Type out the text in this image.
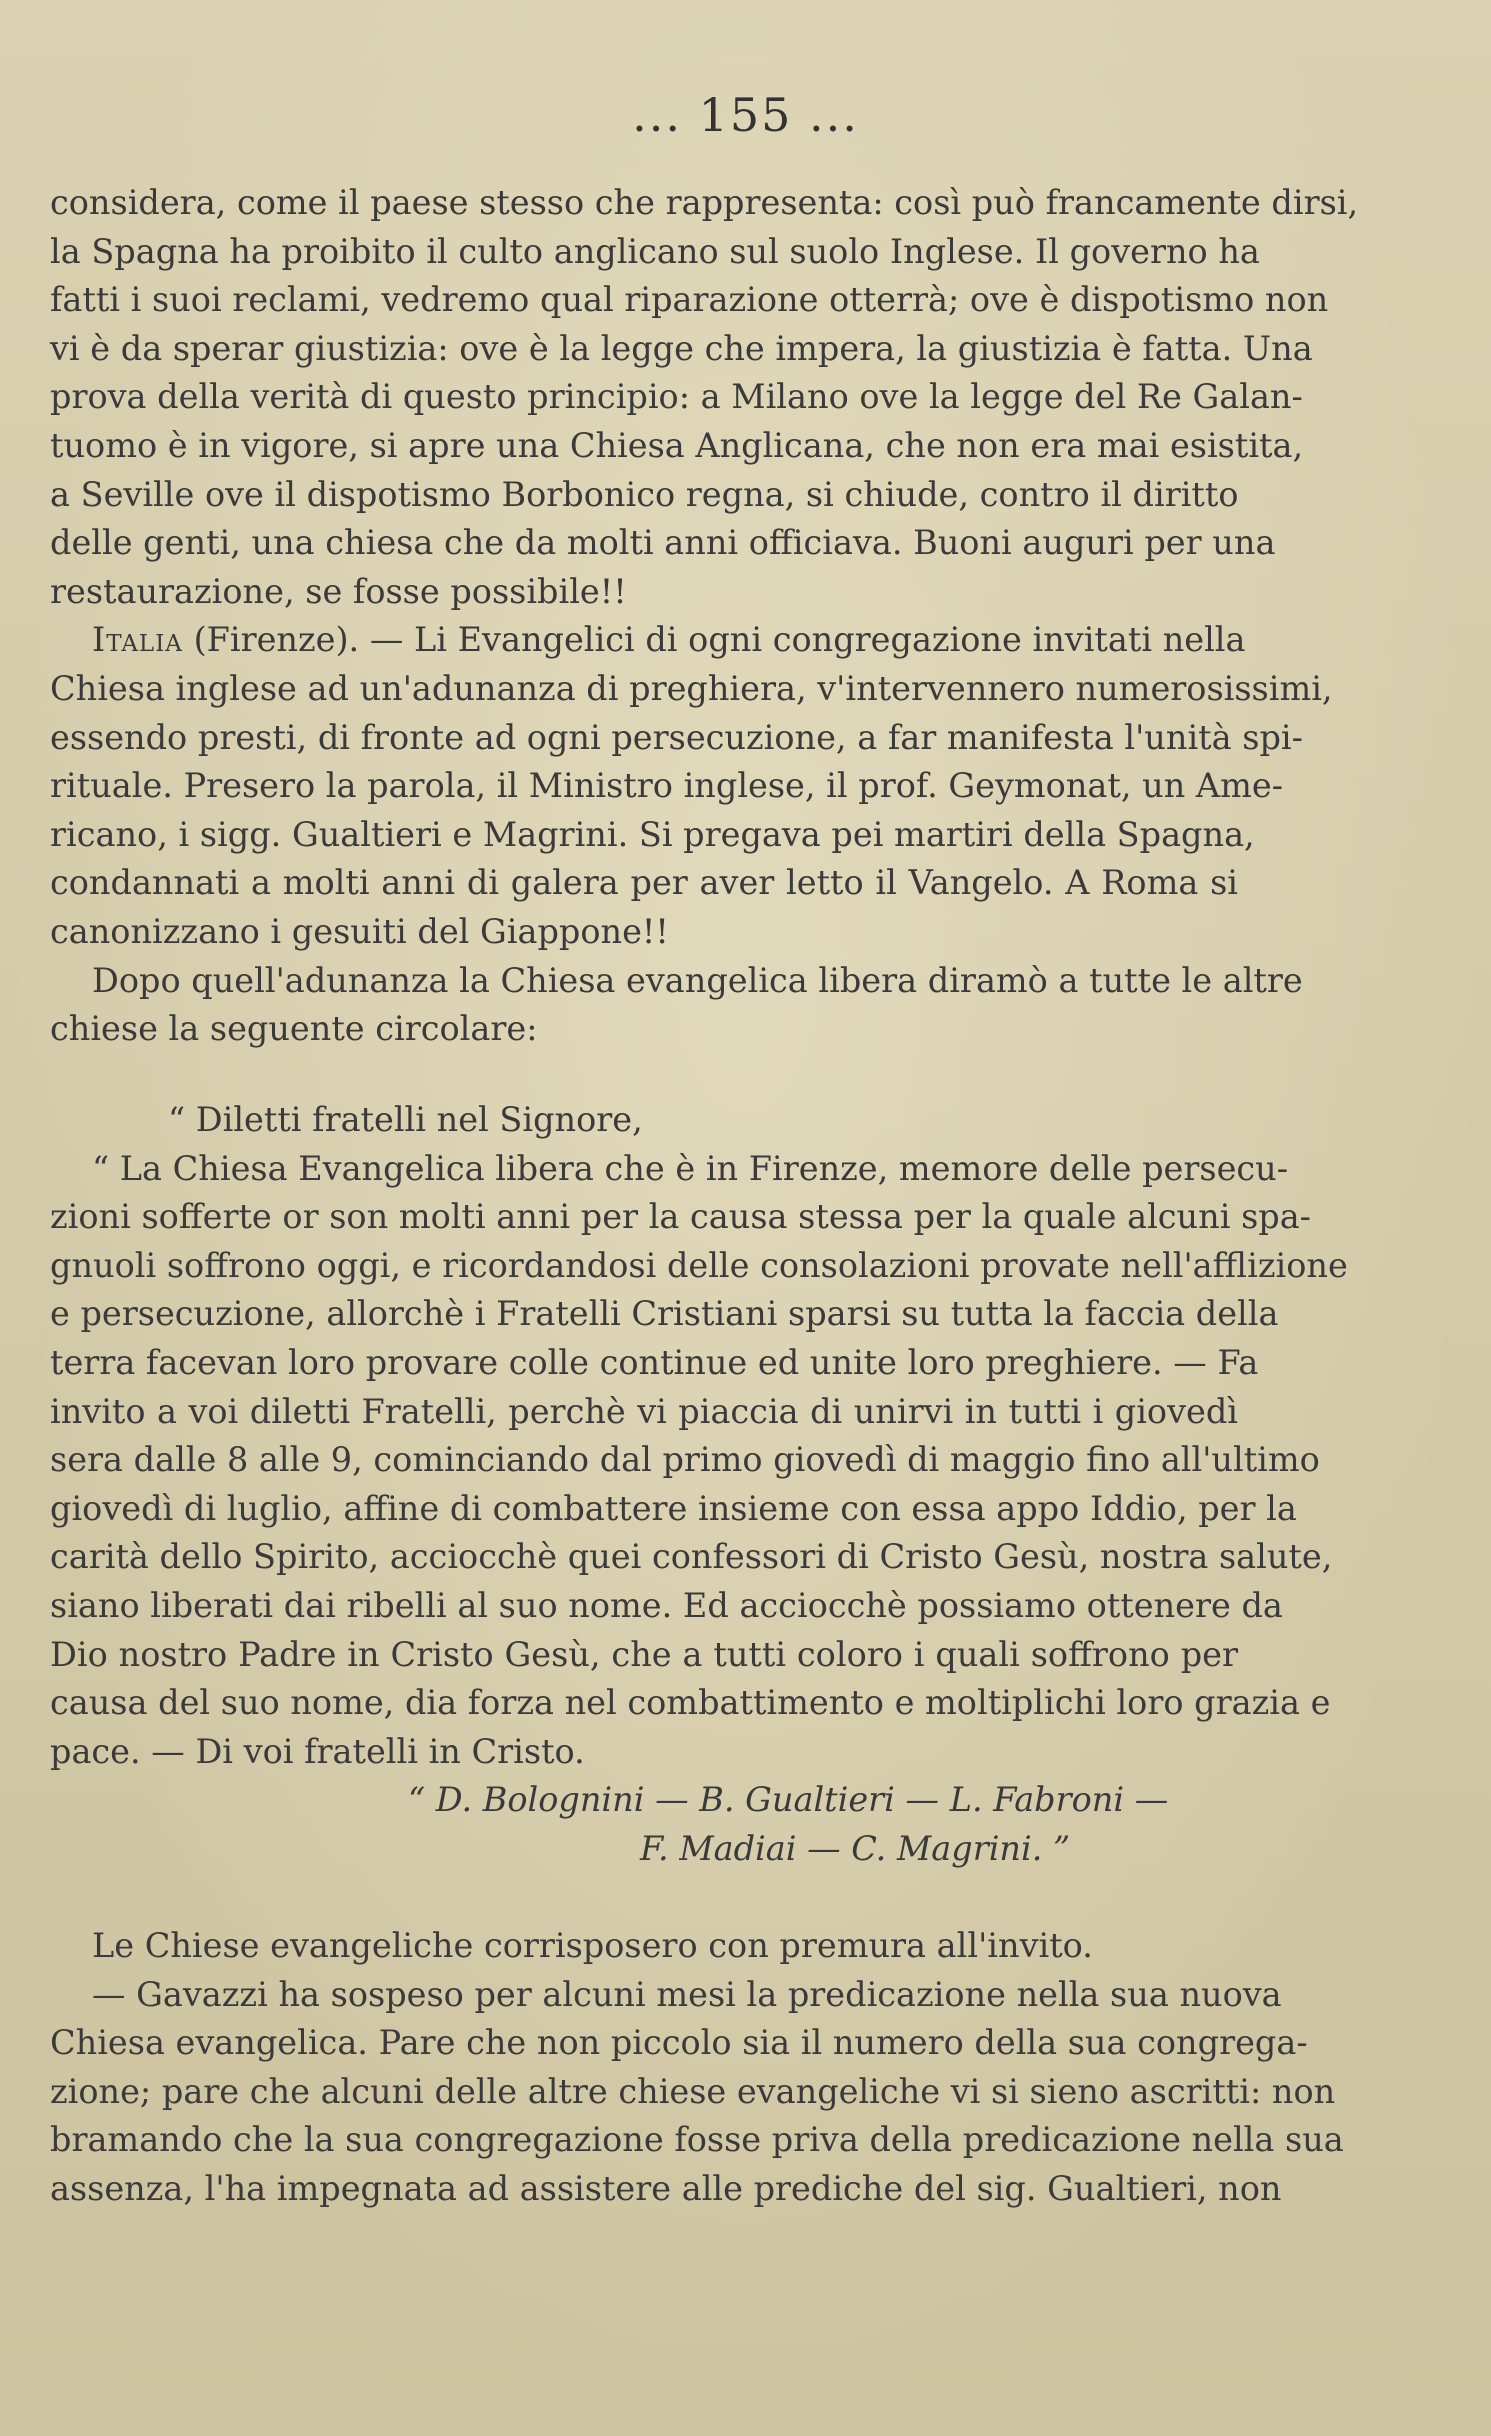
... 155 ...
considera, come il paese stesso che rappresenta: così può francamente dirsi,
la Spagna ha proibito il culto anglicano sul suolo Inglese. Il governo ha
fatti i suoi reclami, vedremo qual riparazione otterrà; ove è dispotismo non
vi è da sperar giustizia: ove è la legge che impera, la giustizia è fatta. Una
prova della verità di questo principio: a Milano ove la legge del Re Galan-
tuomo è in vigore, si apre una Chiesa Anglicana, che non era mai esistita,
a Seville ove il dispotismo Borbonico regna, si chiude, contro il diritto
delle genti, una chiesa che da molti anni officiava. Buoni auguri per una
restaurazione, se fosse possibile!!
Italia (Firenze). — Li Evangelici di ogni congregazione invitati nella
Chiesa inglese ad un'adunanza di preghiera, v'intervennero numerosissimi,
essendo presti, di fronte ad ogni persecuzione, a far manifesta l'unità spi-
rituale. Presero la parola, il Ministro inglese, il prof. Geymonat, un Ame-
ricano, i sigg. Gualtieri e Magrini. Si pregava pei martiri della Spagna,
condannati a molti anni di galera per aver letto il Vangelo. A Roma si
canonizzano i gesuiti del Giappone!!
Dopo quell'adunanza la Chiesa evangelica libera diramò a tutte le altre
chiese la seguente circolare:
“ Diletti fratelli nel Signore,
“ La Chiesa Evangelica libera che è in Firenze, memore delle persecu-
zioni sofferte or son molti anni per la causa stessa per la quale alcuni spa-
gnuoli soffrono oggi, e ricordandosi delle consolazioni provate nell'afflizione
e persecuzione, allorchè i Fratelli Cristiani sparsi su tutta la faccia della
terra facevan loro provare colle continue ed unite loro preghiere. — Fa
invito a voi diletti Fratelli, perchè vi piaccia di unirvi in tutti i giovedì
sera dalle 8 alle 9, cominciando dal primo giovedì di maggio fino all'ultimo
giovedì di luglio, affine di combattere insieme con essa appo Iddio, per la
carità dello Spirito, acciocchè quei confessori di Cristo Gesù, nostra salute,
siano liberati dai ribelli al suo nome. Ed acciocchè possiamo ottenere da
Dio nostro Padre in Cristo Gesù, che a tutti coloro i quali soffrono per
causa del suo nome, dia forza nel combattimento e moltiplichi loro grazia e
pace. — Di voi fratelli in Cristo.
“ D. Bolognini — B. Gualtieri — L. Fabroni —
F. Madiai — C. Magrini. ”
Le Chiese evangeliche corrisposero con premura all'invito.
— Gavazzi ha sospeso per alcuni mesi la predicazione nella sua nuova
Chiesa evangelica. Pare che non piccolo sia il numero della sua congrega-
zione; pare che alcuni delle altre chiese evangeliche vi si sieno ascritti: non
bramando che la sua congregazione fosse priva della predicazione nella sua
assenza, l'ha impegnata ad assistere alle prediche del sig. Gualtieri, non
